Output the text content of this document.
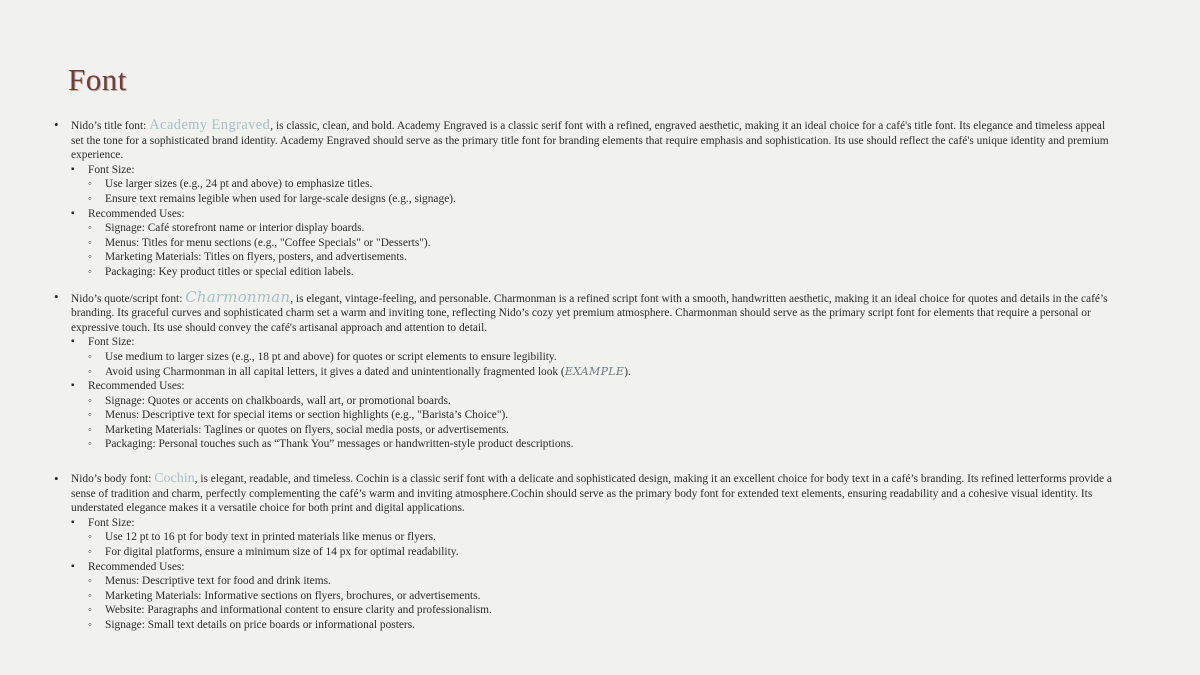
Font
• Nido’s title font: Academy Engraved, is classic, clean, and bold. Academy Engraved is a classic serif font with a refined, engraved aesthetic, making it an ideal choice for a café's title font. Its elegance and timeless appeal set the tone for a sophisticated brand identity. Academy Engraved should serve as the primary title font for branding elements that require emphasis and sophistication. Its use should reflect the café's unique identity and premium experience.
▪ Font Size:
◦ Use larger sizes (e.g., 24 pt and above) to emphasize titles.
◦ Ensure text remains legible when used for large-scale designs (e.g., signage).
▪ Recommended Uses:
◦ Signage: Café storefront name or interior display boards.
◦ Menus: Titles for menu sections (e.g., "Coffee Specials" or "Desserts").
◦ Marketing Materials: Titles on flyers, posters, and advertisements.
◦ Packaging: Key product titles or special edition labels.
• Nido’s quote/script font: Charmonman, is elegant, vintage-feeling, and personable. Charmonman is a refined script font with a smooth, handwritten aesthetic, making it an ideal choice for quotes and details in the café’s branding. Its graceful curves and sophisticated charm set a warm and inviting tone, reflecting Nido’s cozy yet premium atmosphere. Charmonman should serve as the primary script font for elements that require a personal or expressive touch. Its use should convey the café's artisanal approach and attention to detail.
▪ Font Size:
◦ Use medium to larger sizes (e.g., 18 pt and above) for quotes or script elements to ensure legibility.
◦ Avoid using Charmonman in all capital letters, it gives a dated and unintentionally fragmented look (EXAMPLE).
▪ Recommended Uses:
◦ Signage: Quotes or accents on chalkboards, wall art, or promotional boards.
◦ Menus: Descriptive text for special items or section highlights (e.g., "Barista’s Choice").
◦ Marketing Materials: Taglines or quotes on flyers, social media posts, or advertisements.
◦ Packaging: Personal touches such as “Thank You” messages or handwritten-style product descriptions.
• Nido’s body font: Cochin, is elegant, readable, and timeless. Cochin is a classic serif font with a delicate and sophisticated design, making it an excellent choice for body text in a café’s branding. Its refined letterforms provide a sense of tradition and charm, perfectly complementing the café’s warm and inviting atmosphere.Cochin should serve as the primary body font for extended text elements, ensuring readability and a cohesive visual identity. Its understated elegance makes it a versatile choice for both print and digital applications.
▪ Font Size:
◦ Use 12 pt to 16 pt for body text in printed materials like menus or flyers.
◦ For digital platforms, ensure a minimum size of 14 px for optimal readability.
▪ Recommended Uses:
◦ Menus: Descriptive text for food and drink items.
◦ Marketing Materials: Informative sections on flyers, brochures, or advertisements.
◦ Website: Paragraphs and informational content to ensure clarity and professionalism.
◦ Signage: Small text details on price boards or informational posters.
